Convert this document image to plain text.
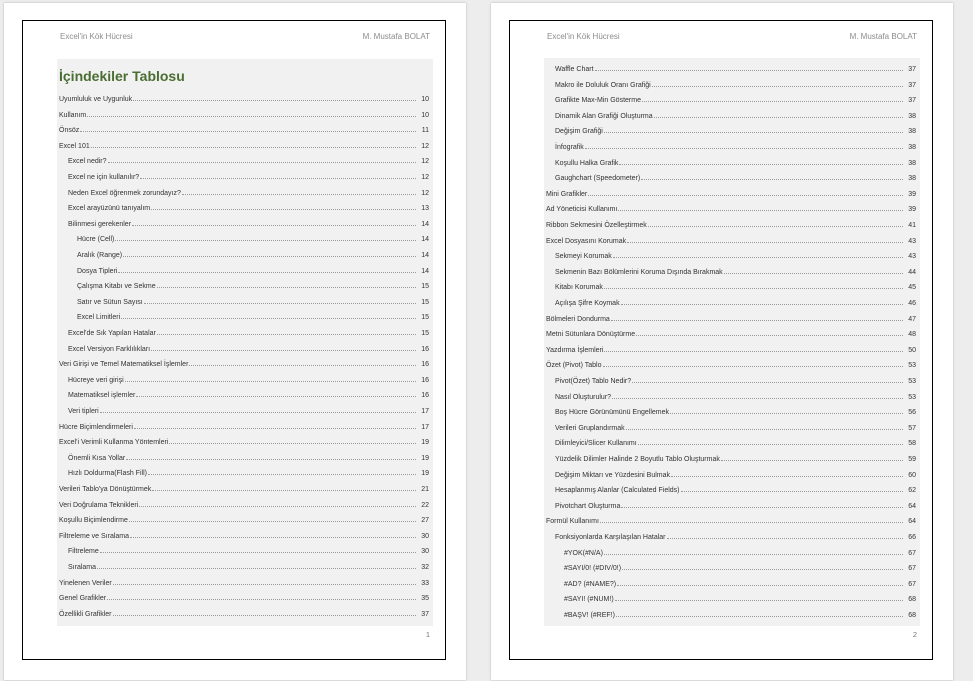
Excel'in Kök Hücresi	M. Mustafa BOLAT
İçindekiler Tablosu
Uyumluluk ve Uygunluk	10
Kullanım	10
Önsöz	11
Excel 101	12
Excel nedir?	12
Excel ne için kullanılır?	12
Neden Excel öğrenmek zorundayız?	12
Excel arayüzünü tanıyalım	13
Bilinmesi gerekenler	14
Hücre (Cell)	14
Aralık (Range)	14
Dosya Tipleri	14
Çalışma Kitabı ve Sekme	15
Satır ve Sütun Sayısı	15
Excel Limitleri	15
Excel'de Sık Yapılan Hatalar	15
Excel Versiyon Farklılıkları	16
Veri Girişi ve Temel Matematiksel İşlemler	16
Hücreye veri girişi	16
Matematiksel işlemler	16
Veri tipleri	17
Hücre Biçimlendirmeleri	17
Excel'i Verimli Kullanma Yöntemleri	19
Önemli Kısa Yollar	19
Hızlı Doldurma(Flash Fill)	19
Verileri Tablo'ya Dönüştürmek	21
Veri Doğrulama Teknikleri	22
Koşullu Biçimlendirme	27
Filtreleme ve Sıralama	30
Filtreleme	30
Sıralama	32
Yinelenen Veriler	33
Genel Grafikler	35
Özellikli Grafikler	37
1
Excel'in Kök Hücresi	M. Mustafa BOLAT
Waffle Chart	37
Makro ile Doluluk Oranı Grafiği	37
Grafikte Max-Min Gösterme	37
Dinamik Alan Grafiği Oluşturma	38
Değişim Grafiği	38
İnfografik	38
Koşullu Halka Grafik	38
Gaughchart (Speedometer)	38
Mini Grafikler	39
Ad Yöneticisi Kullanımı	39
Ribbon Sekmesini Özelleştirmek	41
Excel Dosyasını Korumak	43
Sekmeyi Korumak	43
Sekmenin Bazı Bölümlerini Koruma Dışında Bırakmak	44
Kitabı Korumak	45
Açılışa Şifre Koymak	46
Bölmeleri Dondurma	47
Metni Sütunlara Dönüştürme	48
Yazdırma İşlemleri	50
Özet (Pivot) Tablo	53
Pivot(Özet) Tablo Nedir?	53
Nasıl Oluşturulur?	53
Boş Hücre Görünümünü Engellemek	56
Verileri Gruplandırmak	57
Dilimleyici/Slicer Kullanımı	58
Yüzdelik Dilimler Halinde 2 Boyutlu Tablo Oluşturmak	59
Değişim Miktarı ve Yüzdesini Bulmak	60
Hesaplanmış Alanlar (Calculated Fields)	62
Pivotchart Oluşturma	64
Formül Kullanımı	64
Fonksiyonlarda Karşılaşılan Hatalar	66
#YOK(#N/A)	67
#SAYI/0! (#DIV/0!)	67
#AD? (#NAME?)	67
#SAYI! (#NUM!)	68
#BAŞV! (#REF!)	68
2
